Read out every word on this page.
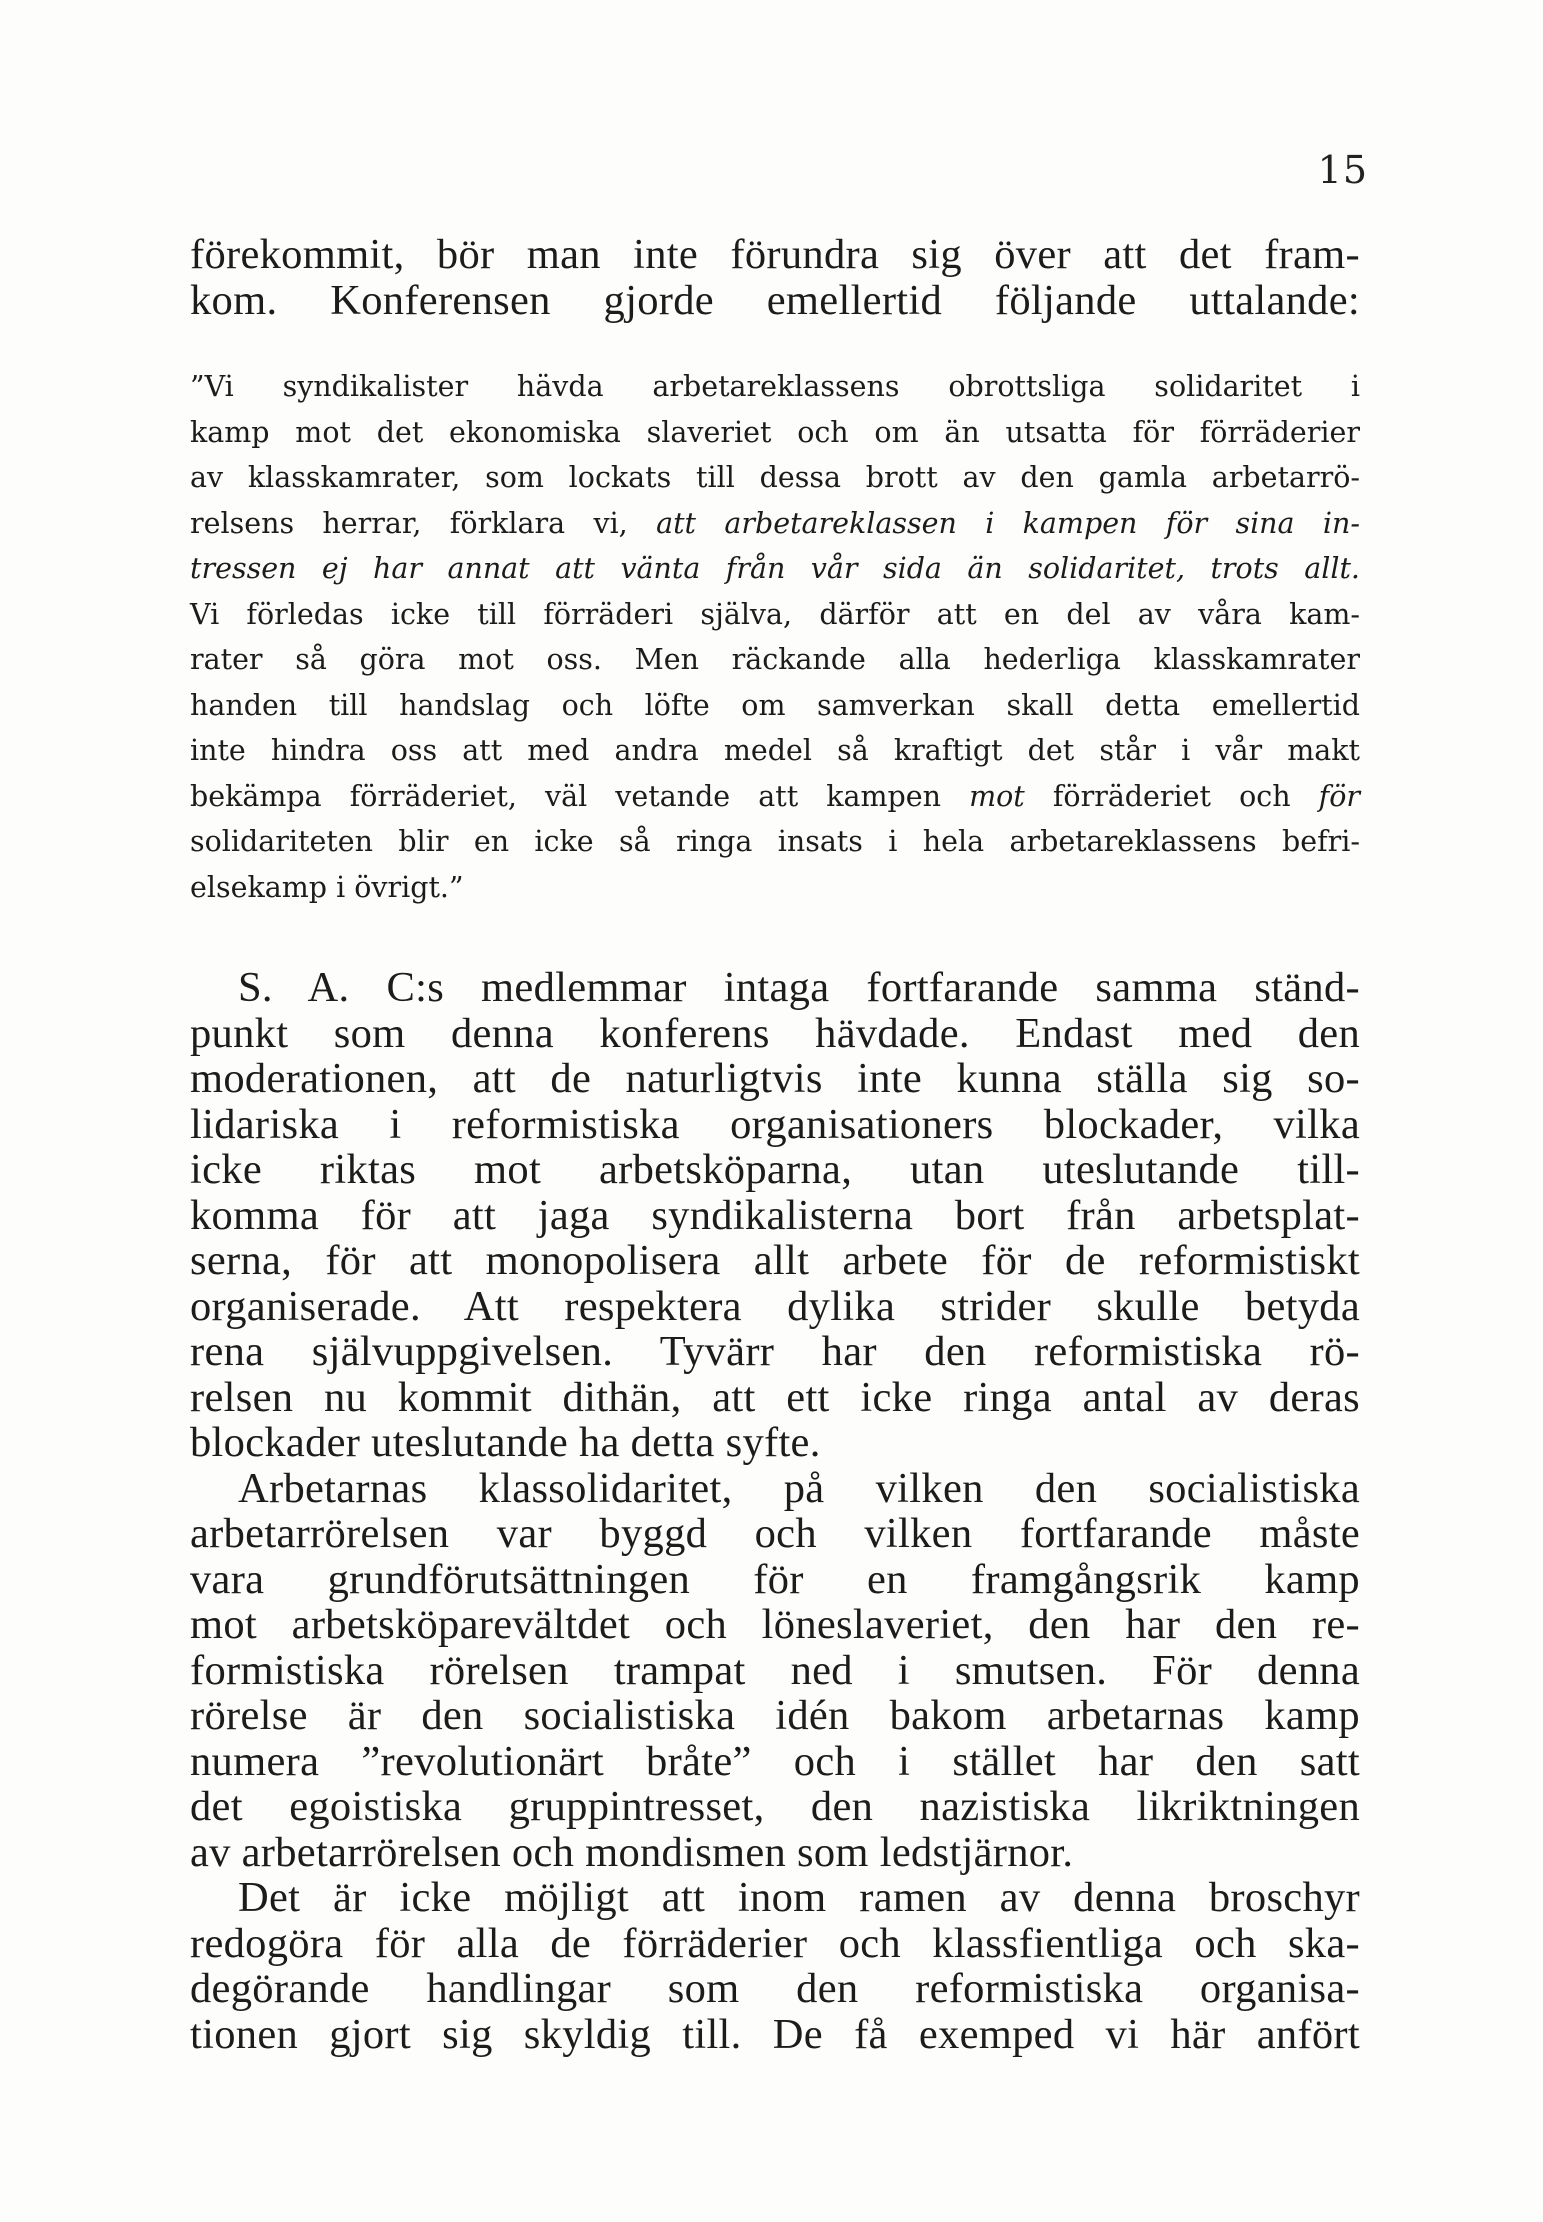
15
förekommit, bör man inte förundra sig över att det fram-
kom. Konferensen gjorde emellertid följande uttalande:
”Vi syndikalister hävda arbetareklassens obrottsliga solidaritet i
kamp mot det ekonomiska slaveriet och om än utsatta för förräderier
av klasskamrater, som lockats till dessa brott av den gamla arbetarrö-
relsens herrar, förklara vi, att arbetareklassen i kampen för sina in-
tressen ej har annat att vänta från vår sida än solidaritet, trots allt.
Vi förledas icke till förräderi själva, därför att en del av våra kam-
rater så göra mot oss. Men räckande alla hederliga klasskamrater
handen till handslag och löfte om samverkan skall detta emellertid
inte hindra oss att med andra medel så kraftigt det står i vår makt
bekämpa förräderiet, väl vetande att kampen mot förräderiet och för
solidariteten blir en icke så ringa insats i hela arbetareklassens befri-
elsekamp i övrigt.”
S. A. C:s medlemmar intaga fortfarande samma ständ-
punkt som denna konferens hävdade. Endast med den
moderationen, att de naturligtvis inte kunna ställa sig so-
lidariska i reformistiska organisationers blockader, vilka
icke riktas mot arbetsköparna, utan uteslutande till-
komma för att jaga syndikalisterna bort från arbetsplat-
serna, för att monopolisera allt arbete för de reformistiskt
organiserade. Att respektera dylika strider skulle betyda
rena självuppgivelsen. Tyvärr har den reformistiska rö-
relsen nu kommit dithän, att ett icke ringa antal av deras
blockader uteslutande ha detta syfte.
Arbetarnas klassolidaritet, på vilken den socialistiska
arbetarrörelsen var byggd och vilken fortfarande måste
vara grundförutsättningen för en framgångsrik kamp
mot arbetsköparevältdet och löneslaveriet, den har den re-
formistiska rörelsen trampat ned i smutsen. För denna
rörelse är den socialistiska idén bakom arbetarnas kamp
numera ”revolutionärt bråte” och i stället har den satt
det egoistiska gruppintresset, den nazistiska likriktningen
av arbetarrörelsen och mondismen som ledstjärnor.
Det är icke möjligt att inom ramen av denna broschyr
redogöra för alla de förräderier och klassfientliga och ska-
degörande handlingar som den reformistiska organisa-
tionen gjort sig skyldig till. De få exemped vi här anfört
